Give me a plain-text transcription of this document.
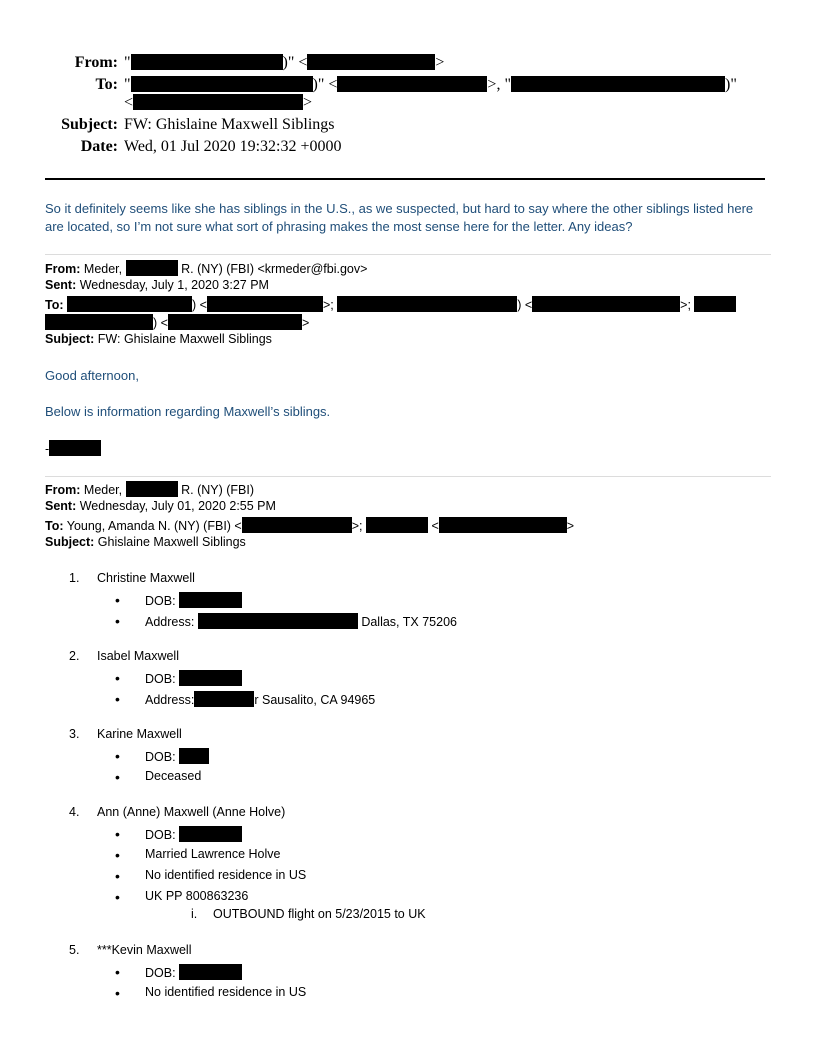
From: "	)" <	>
To: "	)" <	>, "	)"
<	>
Subject: FW: Ghislaine Maxwell Siblings
Date: Wed, 01 Jul 2020 19:32:32 +0000
So it definitely seems like she has siblings in the U.S., as we suspected, but hard to say where the other siblings listed here
are located, so I’m not sure what sort of phrasing makes the most sense here for the letter. Any ideas?
From: Meder,	R. (NY) (FBI) <krmeder@fbi.gov>
Sent: Wednesday, July 1, 2020 3:27 PM
To:	) <	>;	) <	>;
) <	>
Subject: FW: Ghislaine Maxwell Siblings
Good afternoon,
Below is information regarding Maxwell’s siblings.
-
From: Meder,	R. (NY) (FBI)
Sent: Wednesday, July 01, 2020 2:55 PM
To: Young, Amanda N. (NY) (FBI) <	>;	<	>
Subject: Ghislaine Maxwell Siblings
1. Christine Maxwell
DOB:
Address:	Dallas, TX 75206
2. Isabel Maxwell
DOB:
Address:	r Sausalito, CA 94965
3. Karine Maxwell
DOB:
Deceased
4. Ann (Anne) Maxwell (Anne Holve)
DOB:
Married Lawrence Holve
No identified residence in US
UK PP 800863236
i. OUTBOUND flight on 5/23/2015 to UK
5. ***Kevin Maxwell
DOB:
No identified residence in US
